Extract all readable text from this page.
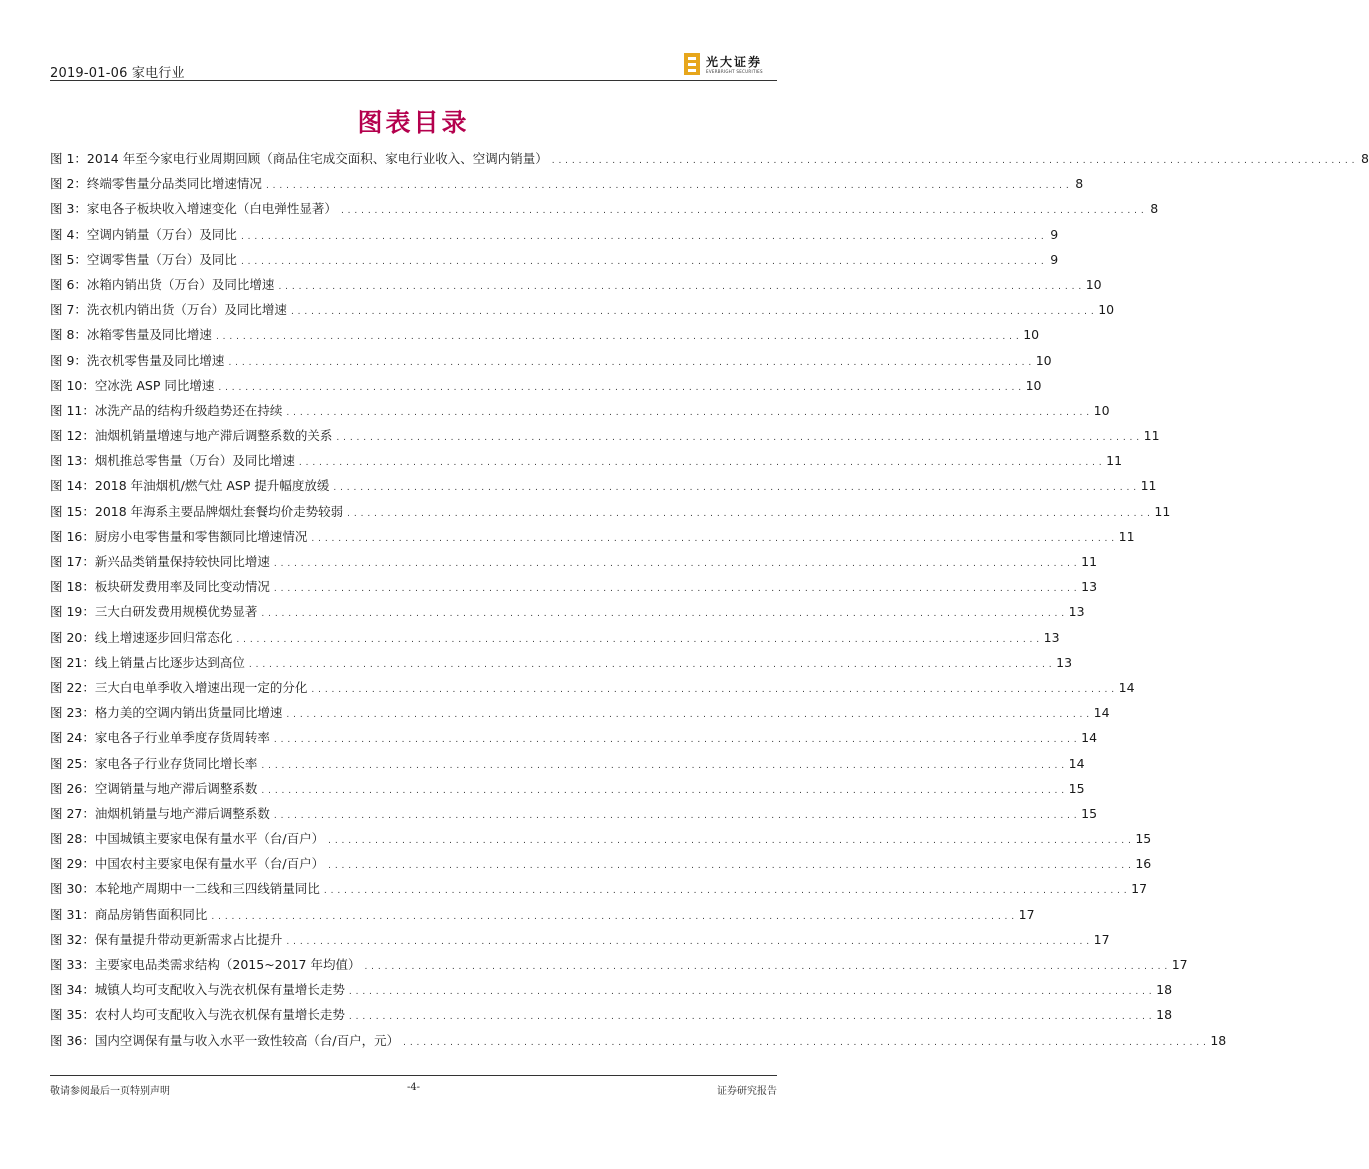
2019-01-06 家电行业
光大证券
EVERBRIGHT SECURITIES
图表目录
图 1：2014 年至今家电行业周期回顾（商品住宅成交面积、家电行业收入、空调内销量） . . . . . . . . . . . . . . . . . . . . . . . . . . . . . . . . . . . . . . . . . . . . . . . . . . . . . . . . . . . . . . . . . . . . . . . . . . . . . . . . . . . . . . . . . . . . . . . . . . . . . . . . . . . . . . . . . . . . . . . . 8
图 2：终端零售量分品类同比增速情况 . . . . . . . . . . . . . . . . . . . . . . . . . . . . . . . . . . . . . . . . . . . . . . . . . . . . . . . . . . . . . . . . . . . . . . . . . . . . . . . . . . . . . . . . . . . . . . . . . . . . . . . . . . . . . . . . . . . . . . . . 8
图 3：家电各子板块收入增速变化（白电弹性显著） . . . . . . . . . . . . . . . . . . . . . . . . . . . . . . . . . . . . . . . . . . . . . . . . . . . . . . . . . . . . . . . . . . . . . . . . . . . . . . . . . . . . . . . . . . . . . . . . . . . . . . . . . . . . . . . . . . . . . . . . 8
图 4：空调内销量（万台）及同比 . . . . . . . . . . . . . . . . . . . . . . . . . . . . . . . . . . . . . . . . . . . . . . . . . . . . . . . . . . . . . . . . . . . . . . . . . . . . . . . . . . . . . . . . . . . . . . . . . . . . . . . . . . . . . . . . . . . . . . . . 9
图 5：空调零售量（万台）及同比 . . . . . . . . . . . . . . . . . . . . . . . . . . . . . . . . . . . . . . . . . . . . . . . . . . . . . . . . . . . . . . . . . . . . . . . . . . . . . . . . . . . . . . . . . . . . . . . . . . . . . . . . . . . . . . . . . . . . . . . . 9
图 6：冰箱内销出货（万台）及同比增速 . . . . . . . . . . . . . . . . . . . . . . . . . . . . . . . . . . . . . . . . . . . . . . . . . . . . . . . . . . . . . . . . . . . . . . . . . . . . . . . . . . . . . . . . . . . . . . . . . . . . . . . . . . . . . . . . . . . . . . . . 10
图 7：洗衣机内销出货（万台）及同比增速 . . . . . . . . . . . . . . . . . . . . . . . . . . . . . . . . . . . . . . . . . . . . . . . . . . . . . . . . . . . . . . . . . . . . . . . . . . . . . . . . . . . . . . . . . . . . . . . . . . . . . . . . . . . . . . . . . . . . . . . . 10
图 8：冰箱零售量及同比增速 . . . . . . . . . . . . . . . . . . . . . . . . . . . . . . . . . . . . . . . . . . . . . . . . . . . . . . . . . . . . . . . . . . . . . . . . . . . . . . . . . . . . . . . . . . . . . . . . . . . . . . . . . . . . . . . . . . . . . . . . 10
图 9：洗衣机零售量及同比增速 . . . . . . . . . . . . . . . . . . . . . . . . . . . . . . . . . . . . . . . . . . . . . . . . . . . . . . . . . . . . . . . . . . . . . . . . . . . . . . . . . . . . . . . . . . . . . . . . . . . . . . . . . . . . . . . . . . . . . . . . 10
图 10：空冰洗 ASP 同比增速 . . . . . . . . . . . . . . . . . . . . . . . . . . . . . . . . . . . . . . . . . . . . . . . . . . . . . . . . . . . . . . . . . . . . . . . . . . . . . . . . . . . . . . . . . . . . . . . . . . . . . . . . . . . . . . . . . . . . . . . . 10
图 11：冰洗产品的结构升级趋势还在持续 . . . . . . . . . . . . . . . . . . . . . . . . . . . . . . . . . . . . . . . . . . . . . . . . . . . . . . . . . . . . . . . . . . . . . . . . . . . . . . . . . . . . . . . . . . . . . . . . . . . . . . . . . . . . . . . . . . . . . . . . 10
图 12：油烟机销量增速与地产滞后调整系数的关系 . . . . . . . . . . . . . . . . . . . . . . . . . . . . . . . . . . . . . . . . . . . . . . . . . . . . . . . . . . . . . . . . . . . . . . . . . . . . . . . . . . . . . . . . . . . . . . . . . . . . . . . . . . . . . . . . . . . . . . . . 11
图 13：烟机推总零售量（万台）及同比增速 . . . . . . . . . . . . . . . . . . . . . . . . . . . . . . . . . . . . . . . . . . . . . . . . . . . . . . . . . . . . . . . . . . . . . . . . . . . . . . . . . . . . . . . . . . . . . . . . . . . . . . . . . . . . . . . . . . . . . . . . 11
图 14：2018 年油烟机/燃气灶 ASP 提升幅度放缓 . . . . . . . . . . . . . . . . . . . . . . . . . . . . . . . . . . . . . . . . . . . . . . . . . . . . . . . . . . . . . . . . . . . . . . . . . . . . . . . . . . . . . . . . . . . . . . . . . . . . . . . . . . . . . . . . . . . . . . . . 11
图 15：2018 年海系主要品牌烟灶套餐均价走势较弱 . . . . . . . . . . . . . . . . . . . . . . . . . . . . . . . . . . . . . . . . . . . . . . . . . . . . . . . . . . . . . . . . . . . . . . . . . . . . . . . . . . . . . . . . . . . . . . . . . . . . . . . . . . . . . . . . . . . . . . . . 11
图 16：厨房小电零售量和零售额同比增速情况 . . . . . . . . . . . . . . . . . . . . . . . . . . . . . . . . . . . . . . . . . . . . . . . . . . . . . . . . . . . . . . . . . . . . . . . . . . . . . . . . . . . . . . . . . . . . . . . . . . . . . . . . . . . . . . . . . . . . . . . . 11
图 17：新兴品类销量保持较快同比增速 . . . . . . . . . . . . . . . . . . . . . . . . . . . . . . . . . . . . . . . . . . . . . . . . . . . . . . . . . . . . . . . . . . . . . . . . . . . . . . . . . . . . . . . . . . . . . . . . . . . . . . . . . . . . . . . . . . . . . . . . 11
图 18：板块研发费用率及同比变动情况 . . . . . . . . . . . . . . . . . . . . . . . . . . . . . . . . . . . . . . . . . . . . . . . . . . . . . . . . . . . . . . . . . . . . . . . . . . . . . . . . . . . . . . . . . . . . . . . . . . . . . . . . . . . . . . . . . . . . . . . . 13
图 19：三大白研发费用规模优势显著 . . . . . . . . . . . . . . . . . . . . . . . . . . . . . . . . . . . . . . . . . . . . . . . . . . . . . . . . . . . . . . . . . . . . . . . . . . . . . . . . . . . . . . . . . . . . . . . . . . . . . . . . . . . . . . . . . . . . . . . . 13
图 20：线上增速逐步回归常态化 . . . . . . . . . . . . . . . . . . . . . . . . . . . . . . . . . . . . . . . . . . . . . . . . . . . . . . . . . . . . . . . . . . . . . . . . . . . . . . . . . . . . . . . . . . . . . . . . . . . . . . . . . . . . . . . . . . . . . . . . 13
图 21：线上销量占比逐步达到高位 . . . . . . . . . . . . . . . . . . . . . . . . . . . . . . . . . . . . . . . . . . . . . . . . . . . . . . . . . . . . . . . . . . . . . . . . . . . . . . . . . . . . . . . . . . . . . . . . . . . . . . . . . . . . . . . . . . . . . . . . 13
图 22：三大白电单季收入增速出现一定的分化 . . . . . . . . . . . . . . . . . . . . . . . . . . . . . . . . . . . . . . . . . . . . . . . . . . . . . . . . . . . . . . . . . . . . . . . . . . . . . . . . . . . . . . . . . . . . . . . . . . . . . . . . . . . . . . . . . . . . . . . . 14
图 23：格力美的空调内销出货量同比增速 . . . . . . . . . . . . . . . . . . . . . . . . . . . . . . . . . . . . . . . . . . . . . . . . . . . . . . . . . . . . . . . . . . . . . . . . . . . . . . . . . . . . . . . . . . . . . . . . . . . . . . . . . . . . . . . . . . . . . . . . 14
图 24：家电各子行业单季度存货周转率 . . . . . . . . . . . . . . . . . . . . . . . . . . . . . . . . . . . . . . . . . . . . . . . . . . . . . . . . . . . . . . . . . . . . . . . . . . . . . . . . . . . . . . . . . . . . . . . . . . . . . . . . . . . . . . . . . . . . . . . . 14
图 25：家电各子行业存货同比增长率 . . . . . . . . . . . . . . . . . . . . . . . . . . . . . . . . . . . . . . . . . . . . . . . . . . . . . . . . . . . . . . . . . . . . . . . . . . . . . . . . . . . . . . . . . . . . . . . . . . . . . . . . . . . . . . . . . . . . . . . . 14
图 26：空调销量与地产滞后调整系数 . . . . . . . . . . . . . . . . . . . . . . . . . . . . . . . . . . . . . . . . . . . . . . . . . . . . . . . . . . . . . . . . . . . . . . . . . . . . . . . . . . . . . . . . . . . . . . . . . . . . . . . . . . . . . . . . . . . . . . . . 15
图 27：油烟机销量与地产滞后调整系数 . . . . . . . . . . . . . . . . . . . . . . . . . . . . . . . . . . . . . . . . . . . . . . . . . . . . . . . . . . . . . . . . . . . . . . . . . . . . . . . . . . . . . . . . . . . . . . . . . . . . . . . . . . . . . . . . . . . . . . . . 15
图 28：中国城镇主要家电保有量水平（台/百户） . . . . . . . . . . . . . . . . . . . . . . . . . . . . . . . . . . . . . . . . . . . . . . . . . . . . . . . . . . . . . . . . . . . . . . . . . . . . . . . . . . . . . . . . . . . . . . . . . . . . . . . . . . . . . . . . . . . . . . . . 15
图 29：中国农村主要家电保有量水平（台/百户） . . . . . . . . . . . . . . . . . . . . . . . . . . . . . . . . . . . . . . . . . . . . . . . . . . . . . . . . . . . . . . . . . . . . . . . . . . . . . . . . . . . . . . . . . . . . . . . . . . . . . . . . . . . . . . . . . . . . . . . . 16
图 30：本轮地产周期中一二线和三四线销量同比 . . . . . . . . . . . . . . . . . . . . . . . . . . . . . . . . . . . . . . . . . . . . . . . . . . . . . . . . . . . . . . . . . . . . . . . . . . . . . . . . . . . . . . . . . . . . . . . . . . . . . . . . . . . . . . . . . . . . . . . . 17
图 31：商品房销售面积同比 . . . . . . . . . . . . . . . . . . . . . . . . . . . . . . . . . . . . . . . . . . . . . . . . . . . . . . . . . . . . . . . . . . . . . . . . . . . . . . . . . . . . . . . . . . . . . . . . . . . . . . . . . . . . . . . . . . . . . . . . 17
图 32：保有量提升带动更新需求占比提升 . . . . . . . . . . . . . . . . . . . . . . . . . . . . . . . . . . . . . . . . . . . . . . . . . . . . . . . . . . . . . . . . . . . . . . . . . . . . . . . . . . . . . . . . . . . . . . . . . . . . . . . . . . . . . . . . . . . . . . . . 17
图 33：主要家电品类需求结构（2015~2017 年均值） . . . . . . . . . . . . . . . . . . . . . . . . . . . . . . . . . . . . . . . . . . . . . . . . . . . . . . . . . . . . . . . . . . . . . . . . . . . . . . . . . . . . . . . . . . . . . . . . . . . . . . . . . . . . . . . . . . . . . . . . 17
图 34：城镇人均可支配收入与洗衣机保有量增长走势 . . . . . . . . . . . . . . . . . . . . . . . . . . . . . . . . . . . . . . . . . . . . . . . . . . . . . . . . . . . . . . . . . . . . . . . . . . . . . . . . . . . . . . . . . . . . . . . . . . . . . . . . . . . . . . . . . . . . . . . . 18
图 35：农村人均可支配收入与洗衣机保有量增长走势 . . . . . . . . . . . . . . . . . . . . . . . . . . . . . . . . . . . . . . . . . . . . . . . . . . . . . . . . . . . . . . . . . . . . . . . . . . . . . . . . . . . . . . . . . . . . . . . . . . . . . . . . . . . . . . . . . . . . . . . . 18
图 36：国内空调保有量与收入水平一致性较高（台/百户，元） . . . . . . . . . . . . . . . . . . . . . . . . . . . . . . . . . . . . . . . . . . . . . . . . . . . . . . . . . . . . . . . . . . . . . . . . . . . . . . . . . . . . . . . . . . . . . . . . . . . . . . . . . . . . . . . . . . . . . . . . 18
敬请参阅最后一页特别声明	-4-	证券研究报告
